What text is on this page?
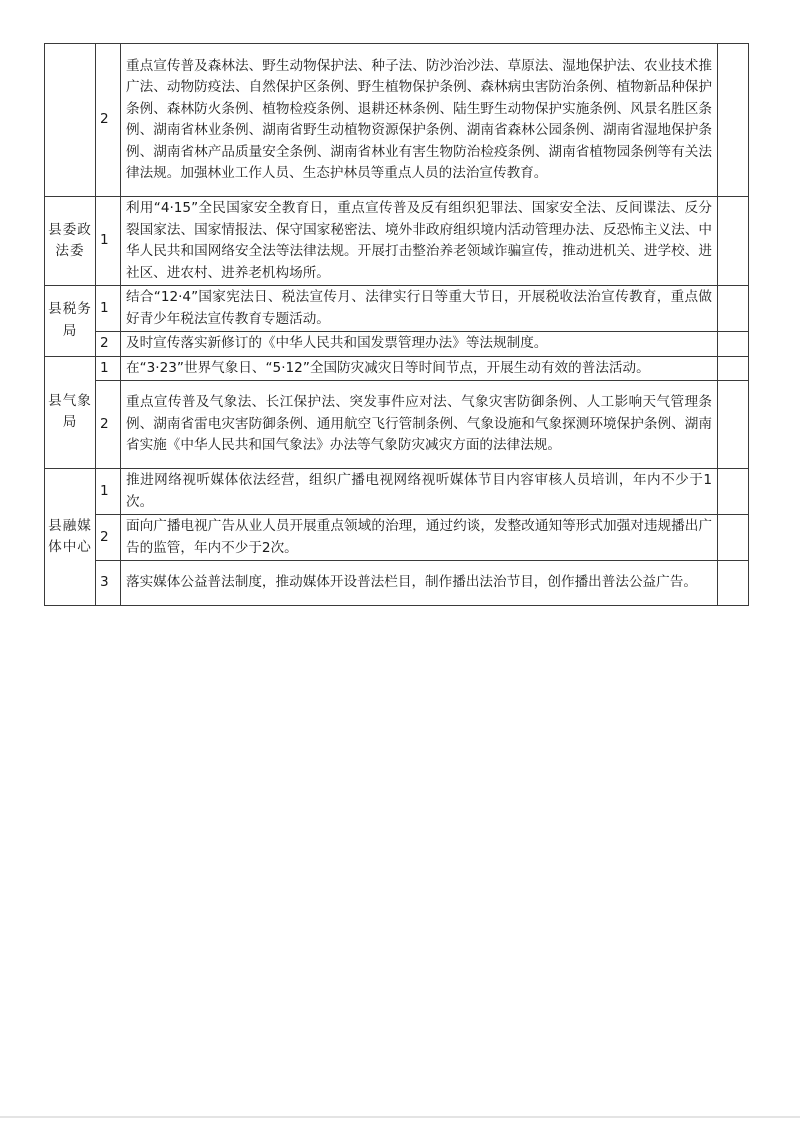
	2	重点宣传普及森林法、野生动物保护法、种子法、防沙治沙法、草原法、湿地保护法、农业技术推广法、动物防疫法、自然保护区条例、野生植物保护条例、森林病虫害防治条例、植物新品种保护条例、森林防火条例、植物检疫条例、退耕还林条例、陆生野生动物保护实施条例、风景名胜区条例、湖南省林业条例、湖南省野生动植物资源保护条例、湖南省森林公园条例、湖南省湿地保护条例、湖南省林产品质量安全条例、湖南省林业有害生物防治检疫条例、湖南省植物园条例等有关法律法规。加强林业工作人员、生态护林员等重点人员的法治宣传教育。	
县委政法委	1	利用“4·15”全民国家安全教育日，重点宣传普及反有组织犯罪法、国家安全法、反间谍法、反分裂国家法、国家情报法、保守国家秘密法、境外非政府组织境内活动管理办法、反恐怖主义法、中华人民共和国网络安全法等法律法规。开展打击整治养老领域诈骗宣传，推动进机关、进学校、进社区、进农村、进养老机构场所。	
县税务局	1	结合“12·4”国家宪法日、税法宣传月、法律实行日等重大节日，开展税收法治宣传教育，重点做好青少年税法宣传教育专题活动。	
	2	及时宣传落实新修订的《中华人民共和国发票管理办法》等法规制度。	
县气象局	1	在“3·23”世界气象日、“5·12”全国防灾减灾日等时间节点，开展生动有效的普法活动。	
	2	重点宣传普及气象法、长江保护法、突发事件应对法、气象灾害防御条例、人工影响天气管理条例、湖南省雷电灾害防御条例、通用航空飞行管制条例、气象设施和气象探测环境保护条例、湖南省实施《中华人民共和国气象法》办法等气象防灾减灾方面的法律法规。	
县融媒体中心	1	推进网络视听媒体依法经营，组织广播电视网络视听媒体节目内容审核人员培训，年内不少于1次。	
	2	面向广播电视广告从业人员开展重点领域的治理，通过约谈，发整改通知等形式加强对违规播出广告的监管，年内不少于2次。	
	3	落实媒体公益普法制度，推动媒体开设普法栏目，制作播出法治节目，创作播出普法公益广告。	
